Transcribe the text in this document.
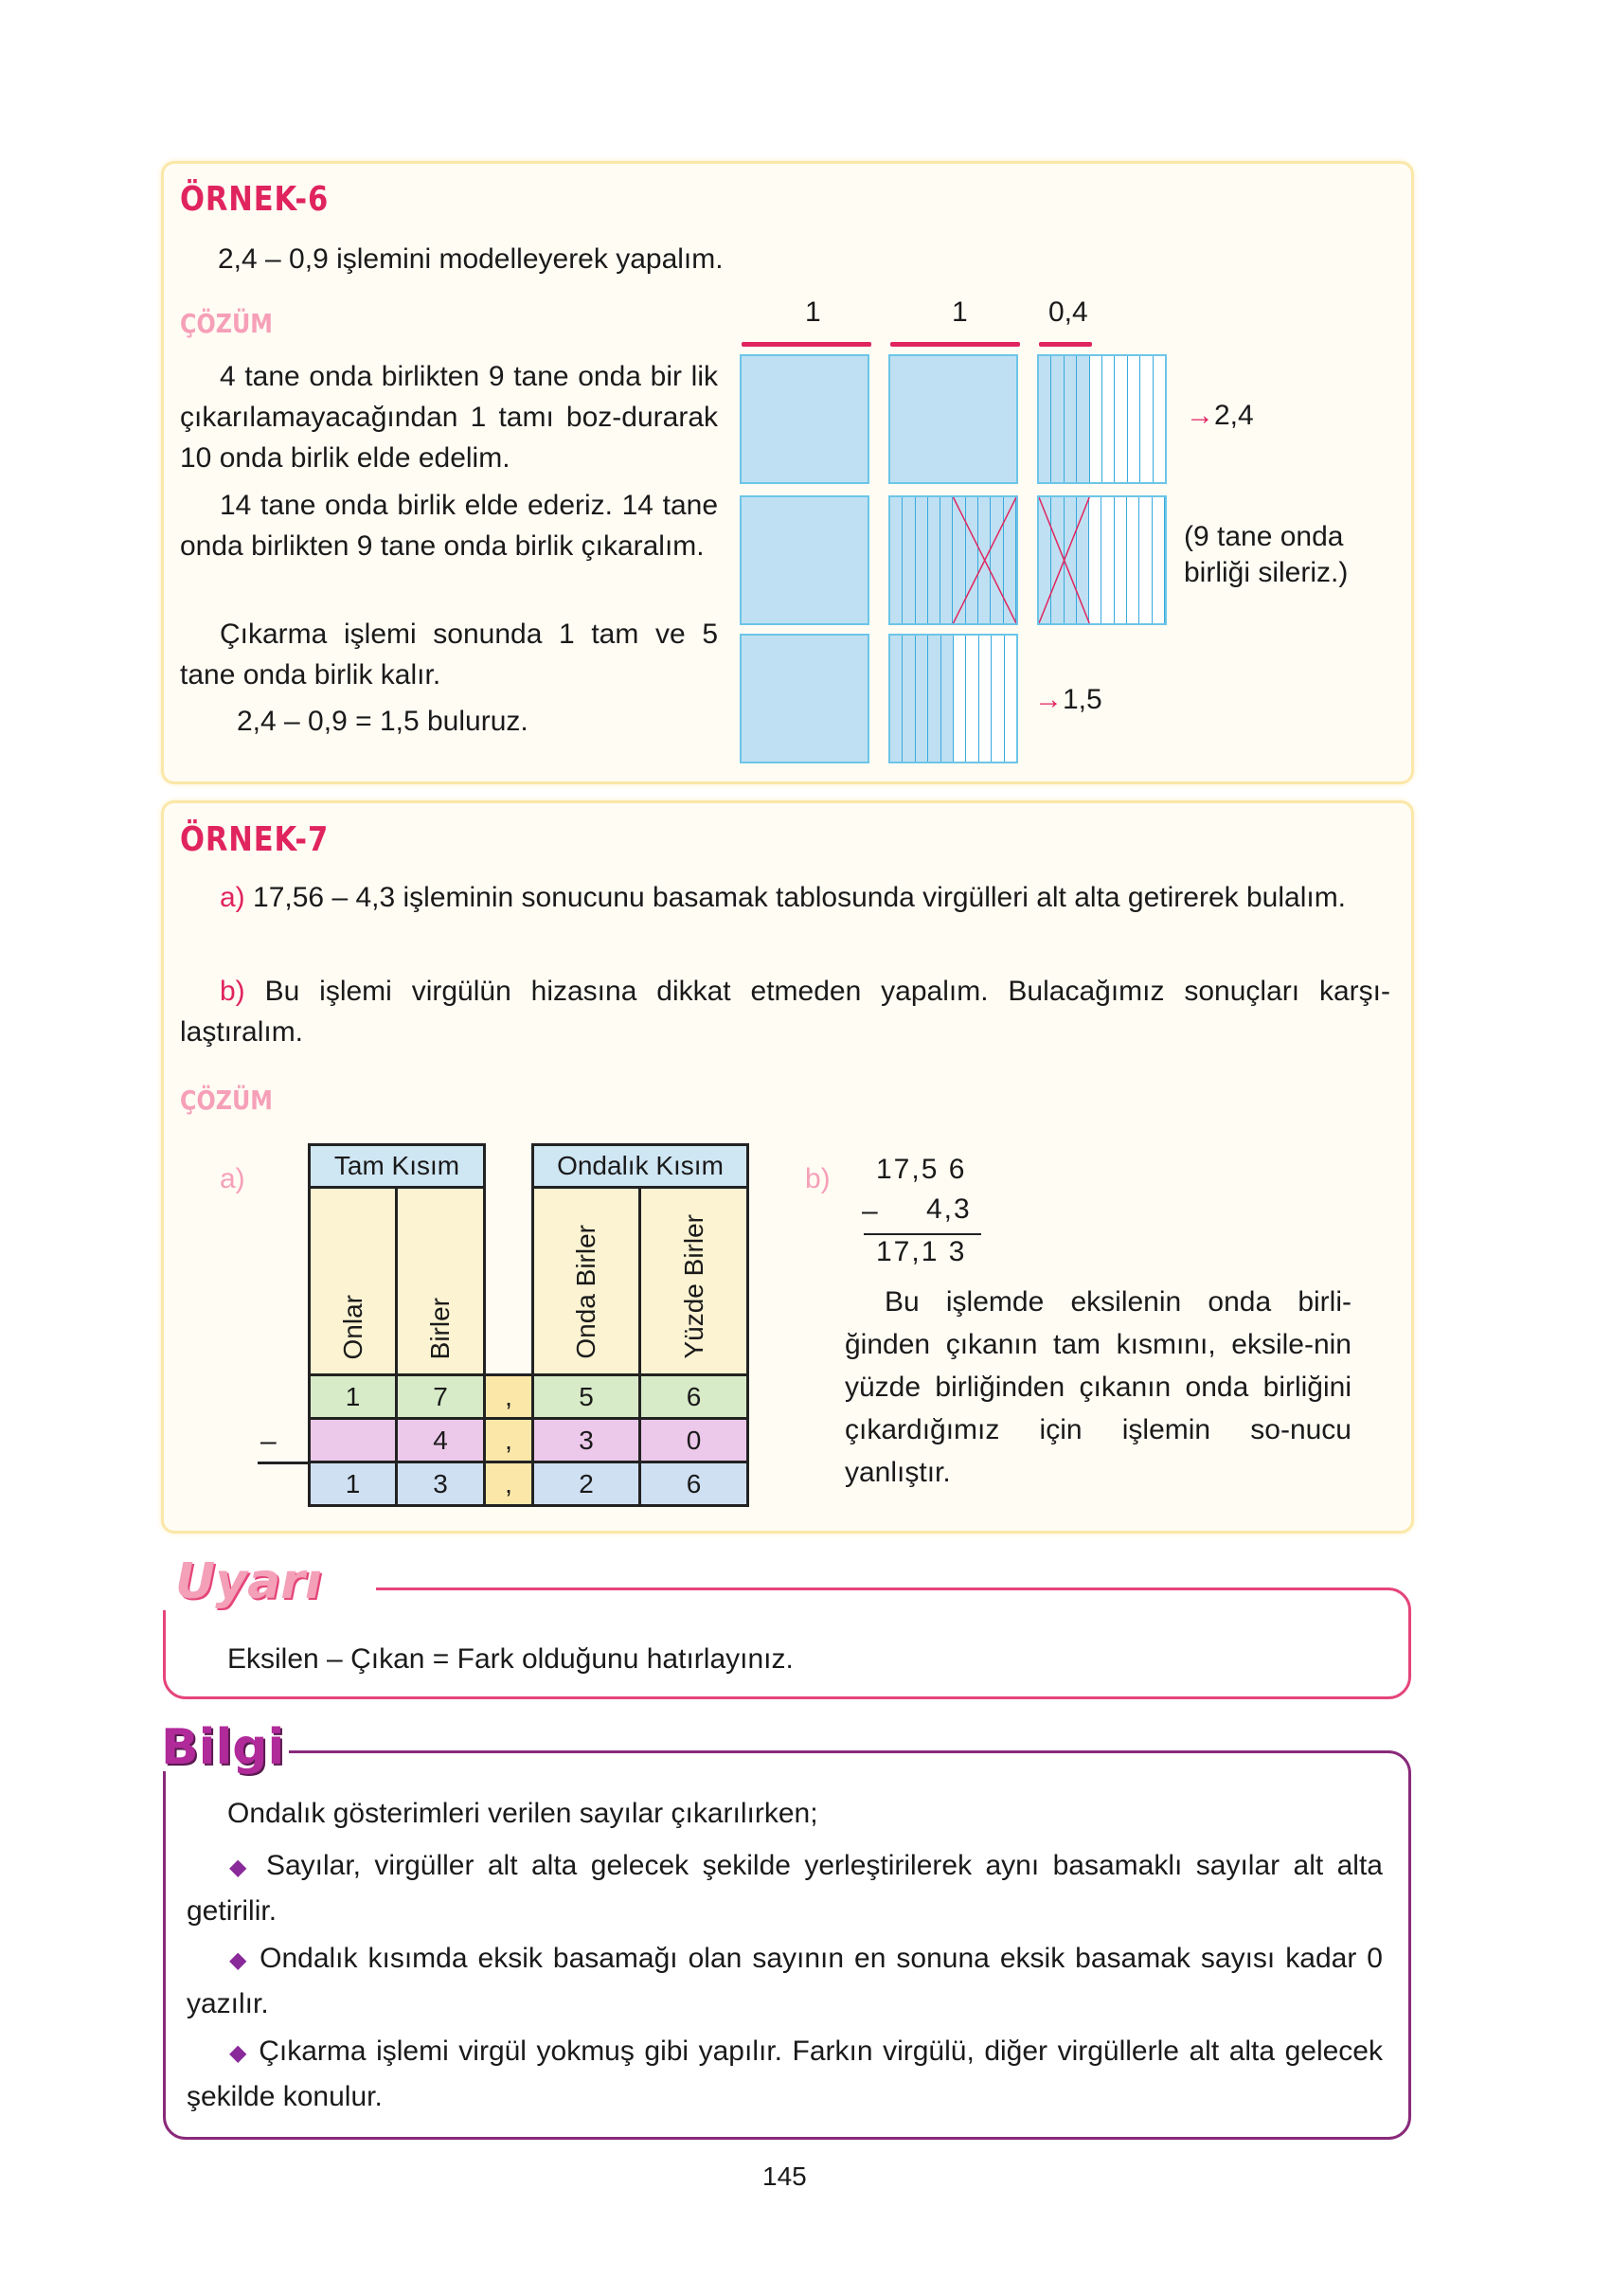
ÖRNEK-6

2,4 – 0,9 işlemini modelleyerek yapalım.

ÇÖZÜM

4 tane onda birlikten 9 tane onda bir lik çıkarılamayacağından 1 tamı boz-durarak 10 onda birlik elde edelim.

14 tane onda birlik elde ederiz. 14 tane onda birlikten 9 tane onda birlik çıkaralım.

Çıkarma işlemi sonunda 1 tam ve 5 tane onda birlik kalır.

2,4 – 0,9 = 1,5 buluruz.

1	1	0,4
→2,4
(9 tane onda birliği sileriz.)
→1,5
ÖRNEK-7

a) 17,56 – 4,3 işleminin sonucunu basamak tablosunda virgülleri alt alta getirerek bulalım.

b) Bu işlemi virgülün hizasına dikkat etmeden yapalım. Bulacağımız sonuçları karşı-laştıralım.

ÇÖZÜM
a)	Tam Kısım			Ondalık Kısım	
Onlar	Birler		Onda Birler	Yüzde Birler
1	7	,	5	6
	4	,	3	0
1	3	,	2	6
–
b) 17,5 6
– 4,3
17,1 3

Bu işlemde eksilenin onda birli-ğinden çıkanın tam kısmını, eksile-nin yüzde birliğinden çıkanın onda birliğini çıkardığımız için işlemin so-nucu yanlıştır.

Uyarı

Eksilen – Çıkan = Fark olduğunu hatırlayınız.

Bilgi

Ondalık gösterimleri verilen sayılar çıkarılırken;

◆ Sayılar, virgüller alt alta gelecek şekilde yerleştirilerek aynı basamaklı sayılar alt alta getirilir.

◆ Ondalık kısımda eksik basamağı olan sayının en sonuna eksik basamak sayısı kadar 0 yazılır.

◆ Çıkarma işlemi virgül yokmuş gibi yapılır. Farkın virgülü, diğer virgüllerle alt alta gelecek şekilde konulur.

145
